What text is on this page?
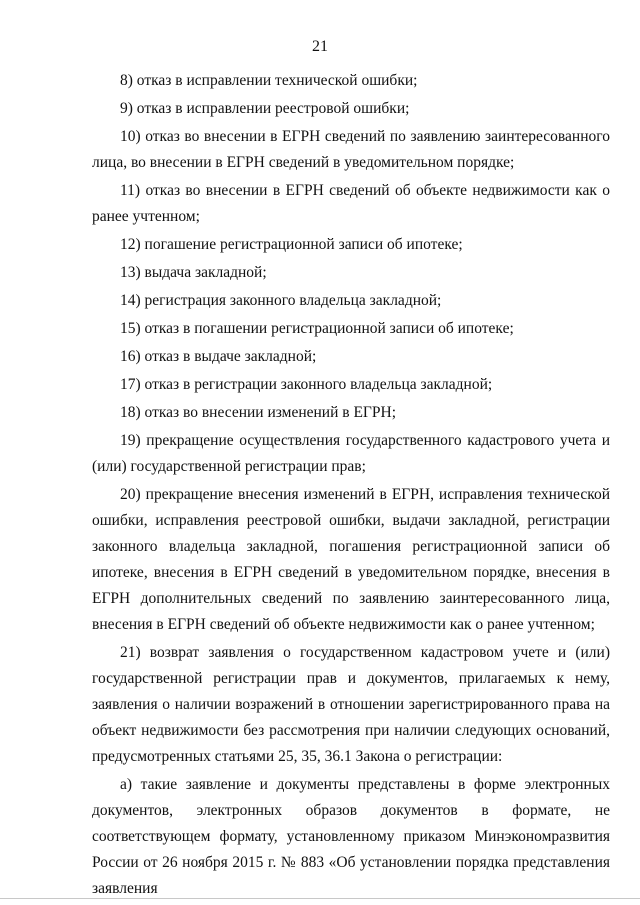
21

8) отказ в исправлении технической ошибки;

9) отказ в исправлении реестровой ошибки;

10) отказ во внесении в ЕГРН сведений по заявлению заинтересованного лица, во внесении в ЕГРН сведений в уведомительном порядке;

11) отказ во внесении в ЕГРН сведений об объекте недвижимости как о ранее учтенном;

12) погашение регистрационной записи об ипотеке;

13) выдача закладной;

14) регистрация законного владельца закладной;

15) отказ в погашении регистрационной записи об ипотеке;

16) отказ в выдаче закладной;

17) отказ в регистрации законного владельца закладной;

18) отказ во внесении изменений в ЕГРН;

19) прекращение осуществления государственного кадастрового учета и (или) государственной регистрации прав;

20) прекращение внесения изменений в ЕГРН, исправления технической ошибки, исправления реестровой ошибки, выдачи закладной, регистрации законного владельца закладной, погашения регистрационной записи об ипотеке, внесения в ЕГРН сведений в уведомительном порядке, внесения в ЕГРН дополнительных сведений по заявлению заинтересованного лица, внесения в ЕГРН сведений об объекте недвижимости как о ранее учтенном;

21) возврат заявления о государственном кадастровом учете и (или) государственной регистрации прав и документов, прилагаемых к нему, заявления о наличии возражений в отношении зарегистрированного права на объект недвижимости без рассмотрения при наличии следующих оснований, предусмотренных статьями 25, 35, 36.1 Закона о регистрации:

а) такие заявление и документы представлены в форме электронных документов, электронных образов документов в формате, не соответствующем формату, установленному приказом Минэкономразвития России от 26 ноября 2015 г. № 883 «Об установлении порядка представления заявления
